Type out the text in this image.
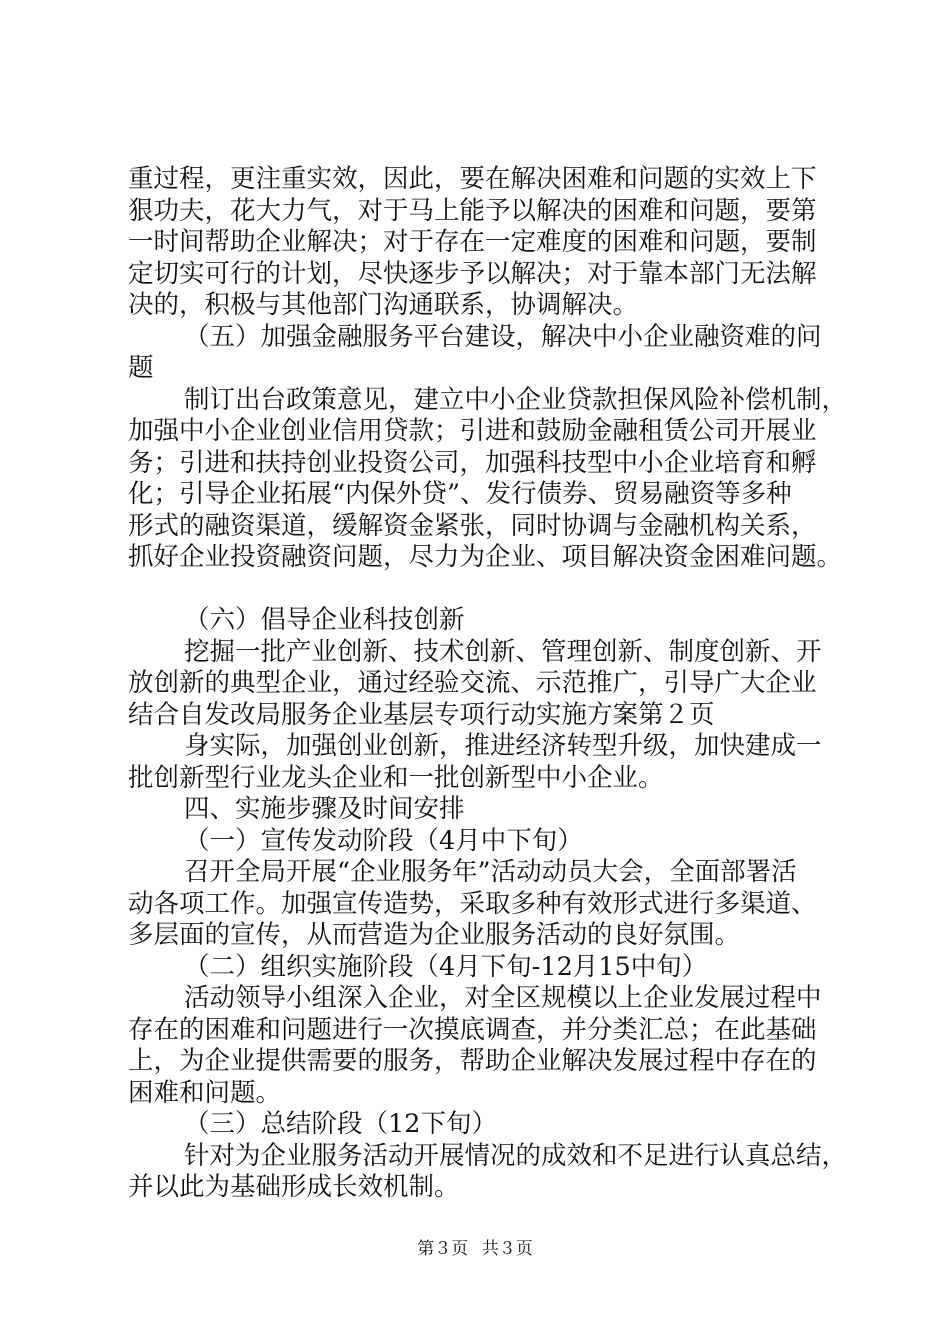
重过程，更注重实效，因此，要在解决困难和问题的实效上下
狠功夫，花大力气，对于马上能予以解决的困难和问题，要第
一时间帮助企业解决；对于存在一定难度的困难和问题，要制
定切实可行的计划，尽快逐步予以解决；对于靠本部门无法解
决的，积极与其他部门沟通联系，协调解决。
（五）加强金融服务平台建设，解决中小企业融资难的问
题
制订出台政策意见，建立中小企业贷款担保风险补偿机制，
加强中小企业创业信用贷款；引进和鼓励金融租赁公司开展业
务；引进和扶持创业投资公司，加强科技型中小企业培育和孵
化；引导企业拓展“内保外贷”、发行债券、贸易融资等多种
形式的融资渠道，缓解资金紧张，同时协调与金融机构关系，
抓好企业投资融资问题，尽力为企业、项目解决资金困难问题。
（六）倡导企业科技创新
挖掘一批产业创新、技术创新、管理创新、制度创新、开
放创新的典型企业，通过经验交流、示范推广，引导广大企业
结合自发改局服务企业基层专项行动实施方案第２页
身实际，加强创业创新，推进经济转型升级，加快建成一
批创新型行业龙头企业和一批创新型中小企业。
四、实施步骤及时间安排
（一）宣传发动阶段（4月中下旬）
召开全局开展“企业服务年”活动动员大会，全面部署活
动各项工作。加强宣传造势，采取多种有效形式进行多渠道、
多层面的宣传，从而营造为企业服务活动的良好氛围。
（二）组织实施阶段（4月下旬-12月15中旬）
活动领导小组深入企业，对全区规模以上企业发展过程中
存在的困难和问题进行一次摸底调查，并分类汇总；在此基础
上，为企业提供需要的服务，帮助企业解决发展过程中存在的
困难和问题。
（三）总结阶段（12下旬）
针对为企业服务活动开展情况的成效和不足进行认真总结，
并以此为基础形成长效机制。
第３页 共３页
